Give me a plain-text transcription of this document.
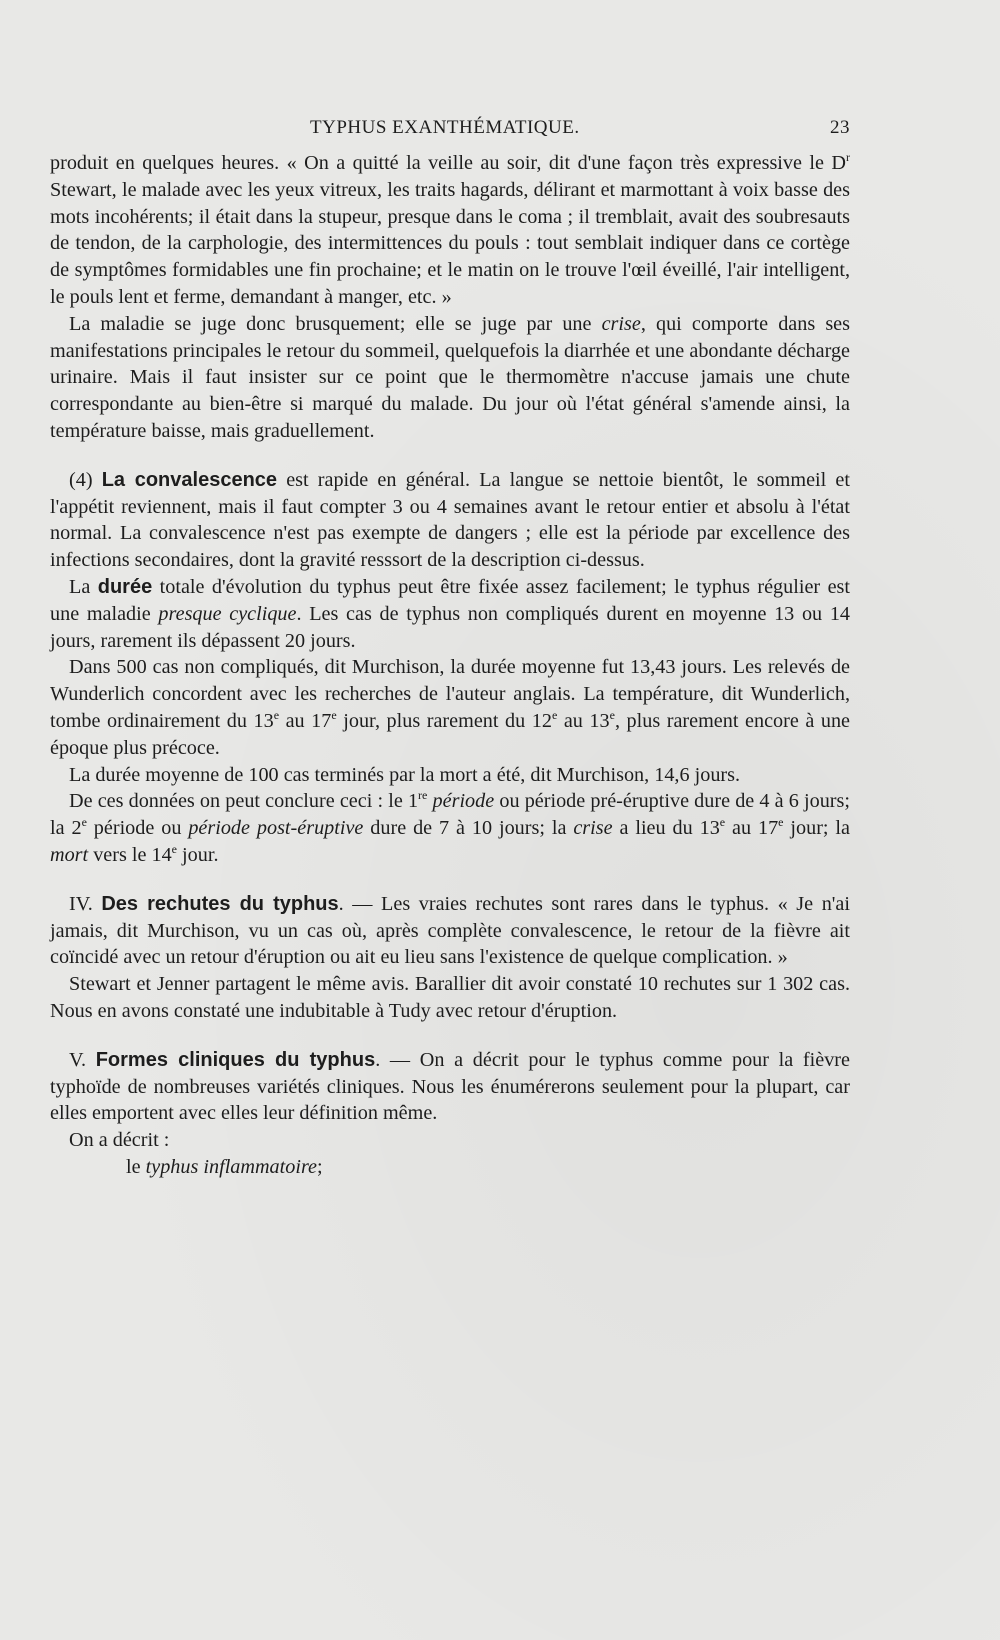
TYPHUS EXANTHÉMATIQUE.	23

produit en quelques heures. « On a quitté la veille au soir, dit d'une façon très expressive le $D^r$ Stewart, le malade avec les yeux vitreux, les traits hagards, délirant et marmottant à voix basse des mots incohérents; il était dans la stupeur, presque dans le coma ; il tremblait, avait des soubresauts de tendon, de la carphologie, des intermittences du pouls : tout semblait indiquer dans ce cortège de symptômes formidables une fin prochaine; et le matin on le trouve l'œil éveillé, l'air intelligent, le pouls lent et ferme, demandant à manger, etc. »

La maladie se juge donc brusquement; elle se juge par une crise, qui comporte dans ses manifestations principales le retour du sommeil, quelquefois la diarrhée et une abondante décharge urinaire. Mais il faut insister sur ce point que le thermomètre n'accuse jamais une chute correspondante au bien-être si marqué du malade. Du jour où l'état général s'amende ainsi, la température baisse, mais graduellement.

(4) La convalescence est rapide en général. La langue se nettoie bientôt, le sommeil et l'appétit reviennent, mais il faut compter 3 ou 4 semaines avant le retour entier et absolu à l'état normal. La convalescence n'est pas exempte de dangers ; elle est la période par excellence des infections secondaires, dont la gravité resssort de la description ci-dessus.

La durée totale d'évolution du typhus peut être fixée assez facilement; le typhus régulier est une maladie presque cyclique. Les cas de typhus non compliqués durent en moyenne 13 ou 14 jours, rarement ils dépassent 20 jours.

Dans 500 cas non compliqués, dit Murchison, la durée moyenne fut 13,43 jours. Les relevés de Wunderlich concordent avec les recherches de l'auteur anglais. La température, dit Wunderlich, tombe ordinairement du 13e au 17e jour, plus rarement du 12e au 13e, plus rarement encore à une époque plus précoce.

La durée moyenne de 100 cas terminés par la mort a été, dit Murchison, 14,6 jours.

De ces données on peut conclure ceci : le 1re période ou période pré-éruptive dure de 4 à 6 jours; la 2e période ou période post-éruptive dure de 7 à 10 jours; la crise a lieu du 13e au 17e jour; la mort vers le 14e jour.

IV. Des rechutes du typhus. — Les vraies rechutes sont rares dans le typhus. « Je n'ai jamais, dit Murchison, vu un cas où, après complète convalescence, le retour de la fièvre ait coïncidé avec un retour d'éruption ou ait eu lieu sans l'existence de quelque complication. »

Stewart et Jenner partagent le même avis. Barallier dit avoir constaté 10 rechutes sur 1 302 cas. Nous en avons constaté une indubitable à Tudy avec retour d'éruption.

V. Formes cliniques du typhus. — On a décrit pour le typhus comme pour la fièvre typhoïde de nombreuses variétés cliniques. Nous les énumérerons seulement pour la plupart, car elles emportent avec elles leur définition même.

On a décrit :

le typhus inflammatoire;
